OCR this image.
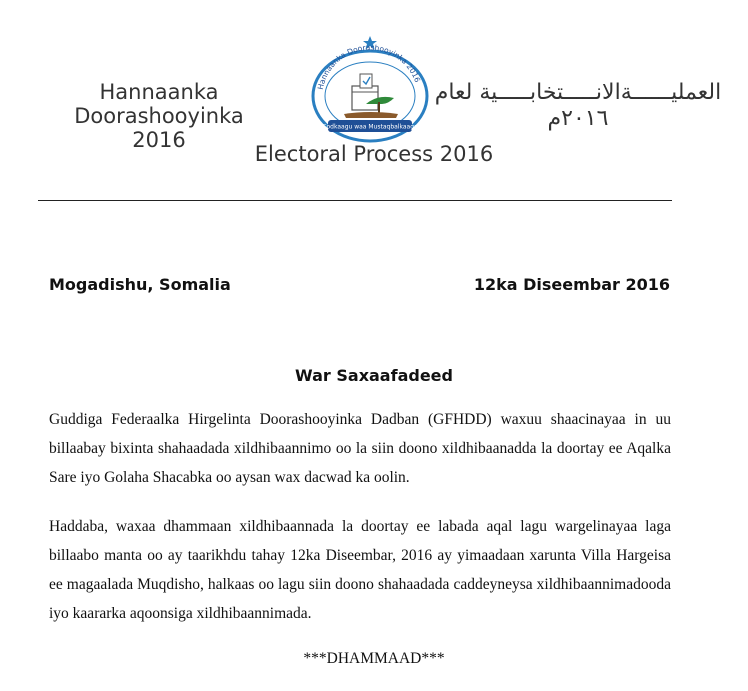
Hannaanka Doorashooyinka
2016
Hannaanka Doorashooyinka 2016
Codkaagu waa Mustaqbalkaaga
العمليــــــةالانـــــتخابـــــية لعام
٢٠١٦م
Electoral Process 2016
Mogadishu, Somalia	12ka Diseembar 2016
War Saxaafadeed

Guddiga Federaalka Hirgelinta Doorashooyinka Dadban (GFHDD) waxuu shaacinayaa in uu billaabay bixinta shahaadada xildhibaannimo oo la siin doono xildhibaanadda la doortay ee Aqalka Sare iyo Golaha Shacabka oo aysan wax dacwad ka oolin.

Haddaba, waxaa dhammaan xildhibaannada la doortay ee labada aqal lagu wargelinayaa laga billaabo manta oo ay taarikhdu tahay 12ka Diseembar, 2016 ay yimaadaan xarunta Villa Hargeisa ee magaalada Muqdisho, halkaas oo lagu siin doono shahaadada caddeyneysa xildhibaannimadooda iyo kaararka aqoonsiga xildhibaannimada.

***DHAMMAAD***
